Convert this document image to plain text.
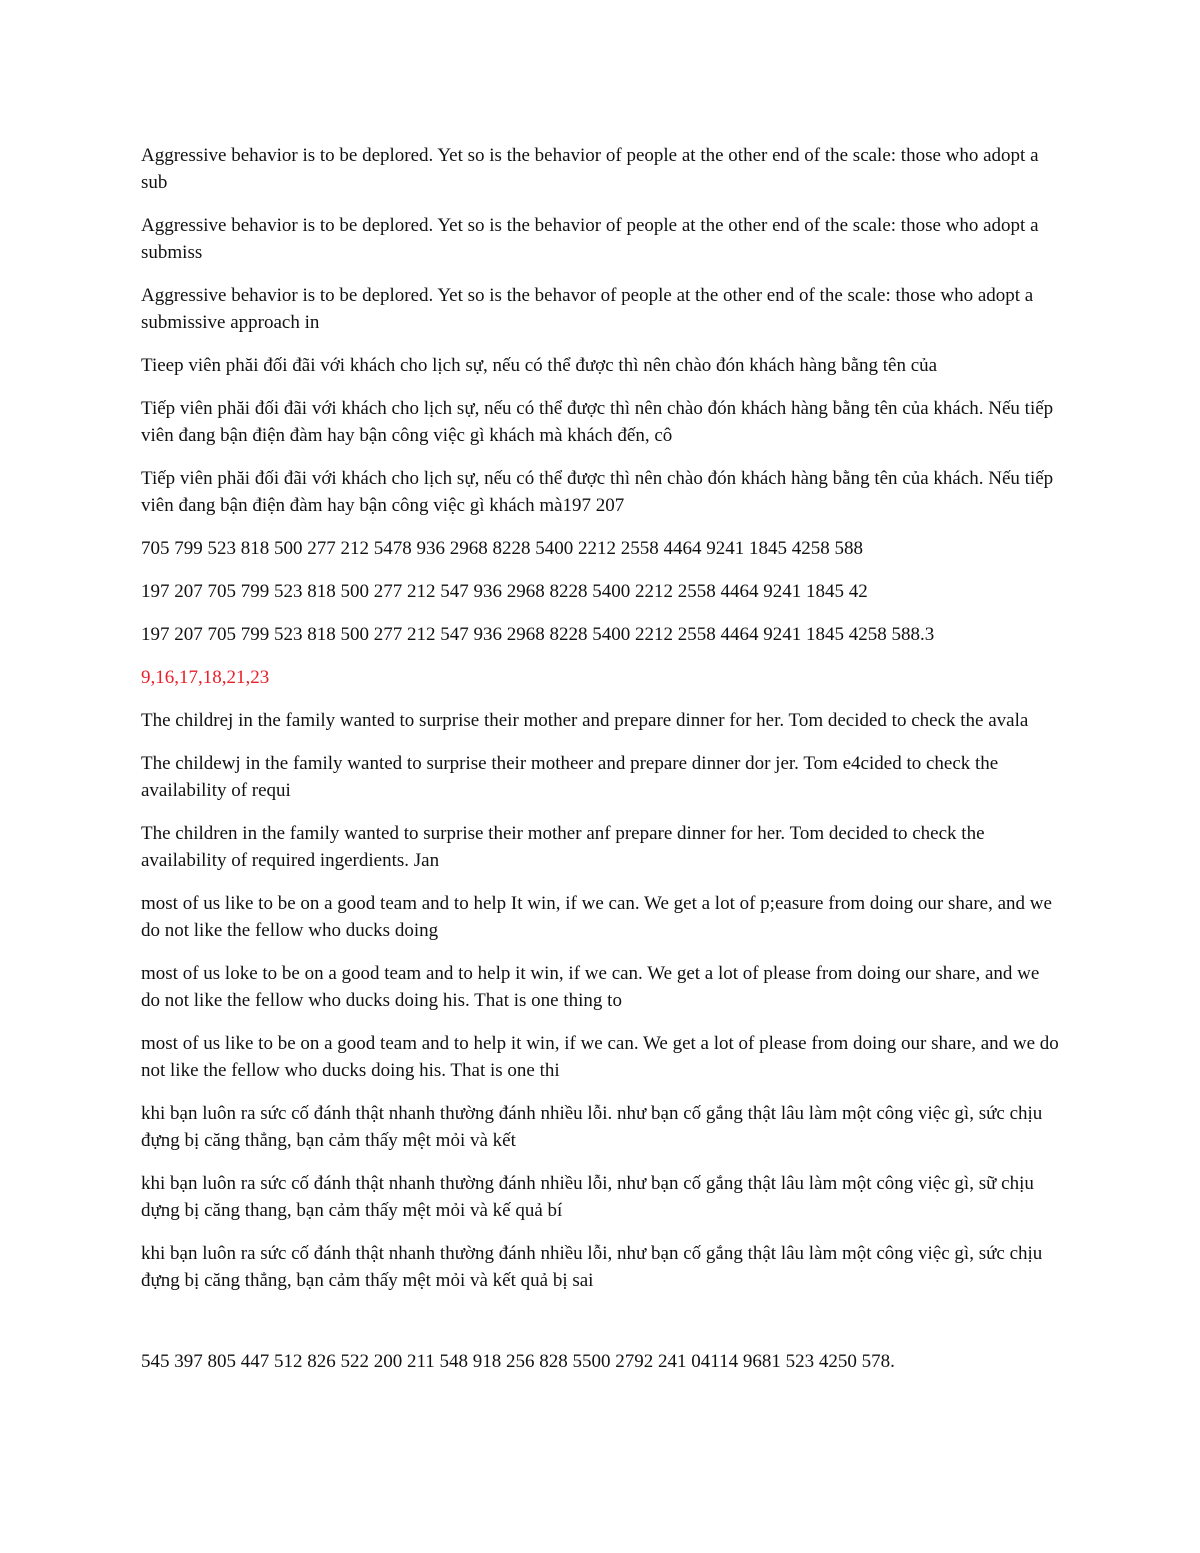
Aggressive behavior is to be deplored. Yet so is the behavior of people at the other end of the scale: those who adopt a sub

Aggressive behavior is to be deplored. Yet so is the behavior of people at the other end of the scale: those who adopt a submiss

Aggressive behavior is to be deplored. Yet so is the behavor of people at the other end of the scale: those who adopt a submissive approach in

Tieep viên phăi đối đãi với khách cho lịch sự, nếu có thể được thì nên chào đón khách hàng bằng tên của

Tiếp viên phăi đối đãi với khách cho lịch sự, nếu có thể được thì nên chào đón khách hàng bằng tên của khách. Nếu tiếp viên đang bận điện đàm hay bận công việc gì khách mà khách đến, cô

Tiếp viên phăi đối đãi với khách cho lịch sự, nếu có thể được thì nên chào đón khách hàng bằng tên của khách. Nếu tiếp viên đang bận điện đàm hay bận công việc gì khách mà197 207

705 799 523 818 500 277 212 5478 936 2968 8228 5400 2212 2558 4464 9241 1845 4258 588

197 207 705 799 523 818 500 277 212 547 936 2968 8228 5400 2212 2558 4464 9241 1845 42

197 207 705 799 523 818 500 277 212 547 936 2968 8228 5400 2212 2558 4464 9241 1845 4258 588.3

9,16,17,18,21,23

The childrej in the family wanted to surprise their mother and prepare dinner for her. Tom decided to check the avala

The childewj in the family wanted to surprise their motheer and prepare dinner dor jer. Tom e4cided to check the availability of requi

The children in the family wanted to surprise their mother anf prepare dinner for her. Tom decided to check the availability of required ingerdients. Jan

most of us like to be on a good team and to help It win, if we can. We get a lot of p;easure from doing our share, and we do not like the fellow who ducks doing

most of us loke to be on a good team and to help it win, if we can. We get a lot of please from doing our share, and we do not like the fellow who ducks doing his. That is one thing to

most of us like to be on a good team and to help it win, if we can. We get a lot of please from doing our share, and we do not like the fellow who ducks doing his. That is one thi

khi bạn luôn ra sức cố đánh thật nhanh thường đánh nhiều lỗi. như bạn cố gắng thật lâu làm một công việc gì, sức chịu đựng bị căng thẳng, bạn cảm thấy mệt mỏi và kết

khi bạn luôn ra sức cố đánh thật nhanh thường đánh nhiều lỗi, như bạn cố gắng thật lâu làm một công việc gì, sữ chịu dựng bị căng thang, bạn cảm thấy mệt mỏi và kế quả bí

khi bạn luôn ra sức cố đánh thật nhanh thường đánh nhiều lỗi, như bạn cố gắng thật lâu làm một công việc gì, sức chịu đựng bị căng thẳng, bạn cảm thấy mệt mỏi và kết quả bị sai

545 397 805 447 512 826 522 200 211 548 918 256 828 5500 2792 241 04114 9681 523 4250 578.
